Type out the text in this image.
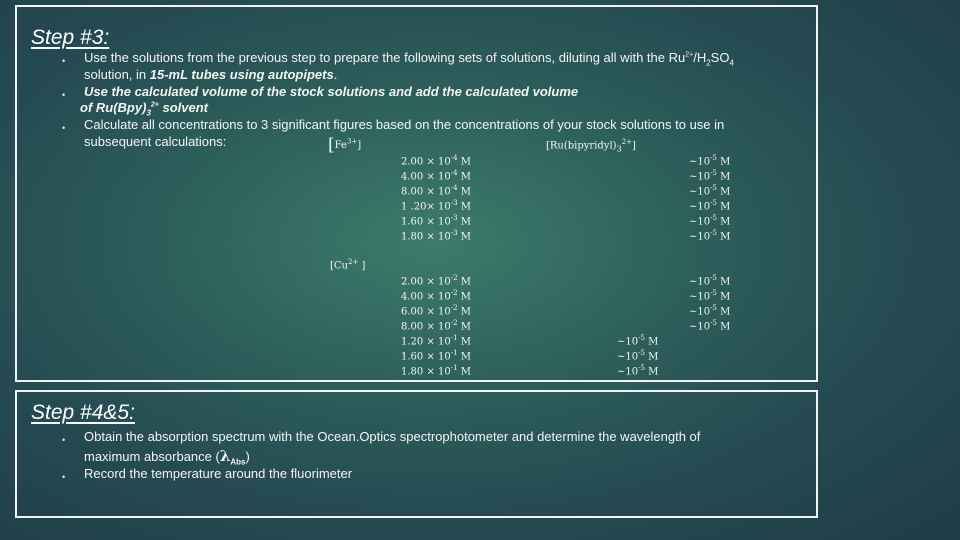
Step #3:
• Use the solutions from the previous step to prepare the following sets of solutions, diluting all with the $Ru^{2+}/H_2SO_4$
solution, in 15-mL tubes using autopipets.
• Use the calculated volume of the stock solutions and add the calculated volume
of $Ru(Bpy)_3^{2+}$ solvent
• Calculate all concentrations to 3 significant figures based on the concentrations of your stock solutions to use in
subsequent calculations:	$[Fe^{3+}]$	$[Ru(bipyridyl)_3^{2+}]$
$2.00 \times 10^{-4}$ M
$4.00 \times 10^{-4}$ M
$8.00 \times 10^{-4}$ M
1 $.20\times 10^{-3}$ M
$1.60 \times 10^{-3}$ M
$1.80 \times 10^{-3}$ M
$\sim 10^{-5}$ M
$\sim 10^{-5}$ M
$\sim 10^{-5}$ M
$\sim 10^{-5}$ M
$\sim 10^{-5}$ M
$\sim 10^{-5}$ M
[$Cu^{2+}$ ]
$2.00 \times 10^{-2}$ M
$4.00 \times 10^{-2}$ M
$6.00 \times 10^{-2}$ M
$8.00 \times 10^{-2}$ M
$1.20 \times 10^{-1}$ M
$1.60 \times 10^{-1}$ M
$1.80 \times 10^{-1}$ M
$\sim 10^{-5}$ M
$\sim 10^{-5}$ M
$\sim 10^{-5}$ M
$\sim 10^{-5}$ M
$\sim 10^{-5}$ M
$\sim 10^{-5}$ M
$\sim 10^{-5}$ M
Step #4&5:
• Obtain the absorption spectrum with the Ocean.Optics spectrophotometer and determine the wavelength of
maximum absorbance $(\lambda_{Abs})$
• Record the temperature around the fluorimeter
